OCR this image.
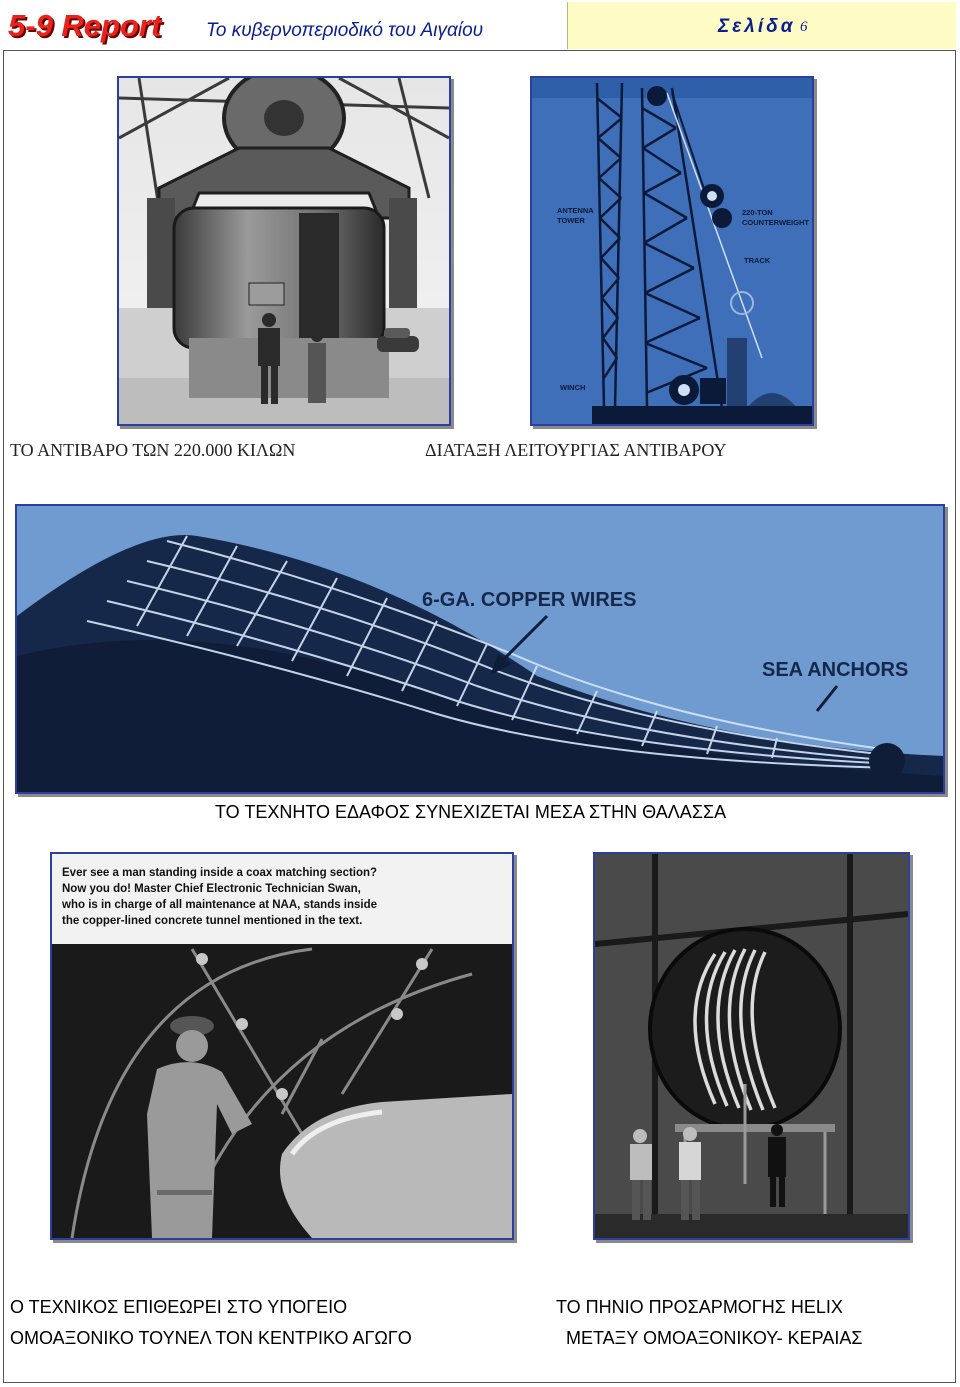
5-9 Report Το κυβερνοπεριοδικό του Αιγαίου	Σελίδα 6
ANTENNA
TOWER
220-TON
COUNTERWEIGHT
TRACK
WINCH
ΤΟ ΑΝΤΙΒΑΡΟ ΤΩΝ 220.000 ΚΙΛΩΝ	ΔΙΑΤΑΞΗ ΛΕΙΤΟΥΡΓΙΑΣ ΑΝΤΙΒΑΡΟΥ
6-GA. COPPER WIRES
SEA ANCHORS
ΤΟ ΤΕΧΝΗΤΟ ΕΔΑΦΟΣ ΣΥΝΕΧΙΖΕΤΑΙ ΜΕΣΑ ΣΤΗΝ ΘΑΛΑΣΣΑ
Ever see a man standing inside a coax matching section?
Now you do! Master Chief Electronic Technician Swan,
who is in charge of all maintenance at NAA, stands inside
the copper-lined concrete tunnel mentioned in the text.
Ο ΤΕΧΝΙΚΟΣ ΕΠΙΘΕΩΡΕΙ ΣΤΟ ΥΠΟΓΕΙΟ
ΟΜΟΑΞΟΝΙΚΟ ΤΟΥΝΕΛ ΤΟΝ ΚΕΝΤΡΙΚΟ ΑΓΩΓΟ
ΤΟ ΠΗΝΙΟ ΠΡΟΣΑΡΜΟΓΗΣ HELIX
ΜΕΤΑΞΥ ΟΜΟΑΞΟΝΙΚΟΥ- ΚΕΡΑΙΑΣ
